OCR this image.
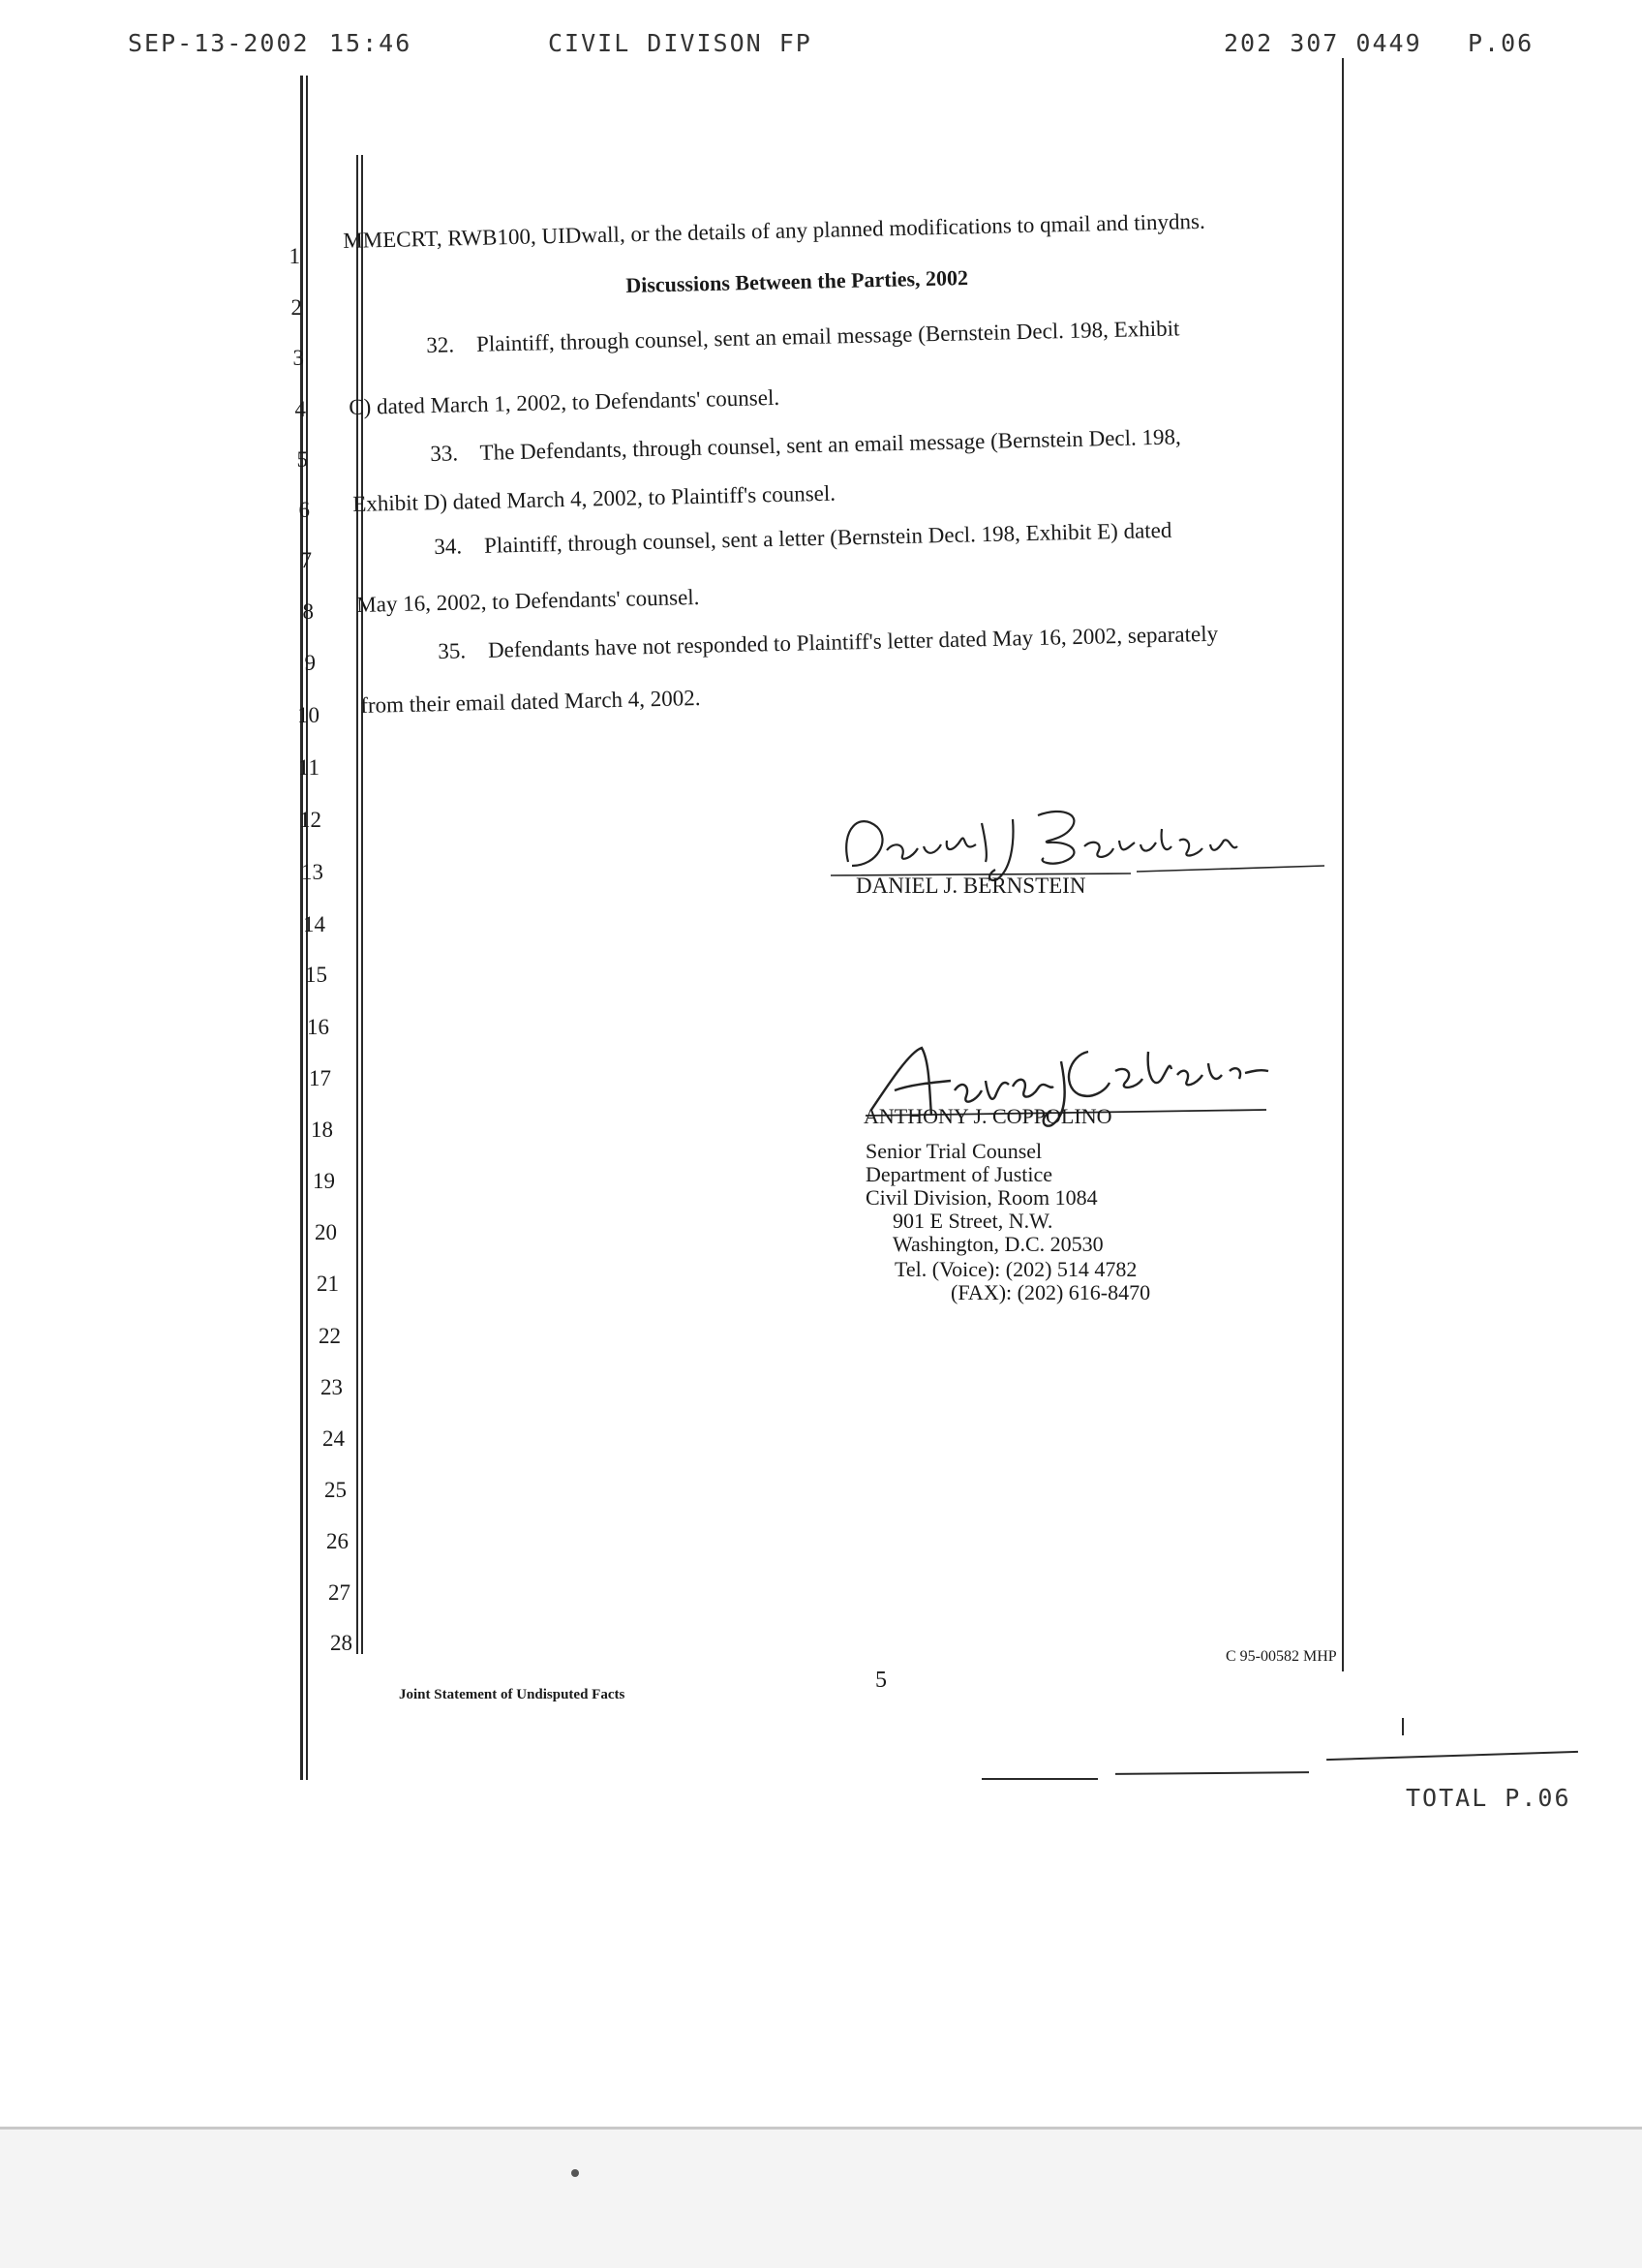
SEP-13-2002 15:46	CIVIL DIVISON FP	202 307 0449 P.06
1
2
3
4
5
6
7
8
9
10
11
12
13
14
15
16
17
18
19
20
21
22
23
24
25
26
27
28
MMECRT, RWB100, UIDwall, or the details of any planned modifications to qmail and tinydns.
Discussions Between the Parties, 2002
32.    Plaintiff, through counsel, sent an email message (Bernstein Decl. 198, Exhibit
C) dated March 1, 2002, to Defendants' counsel.
33.    The Defendants, through counsel, sent an email message (Bernstein Decl. 198,
Exhibit D) dated March 4, 2002, to Plaintiff's counsel.
34.    Plaintiff, through counsel, sent a letter (Bernstein Decl. 198, Exhibit E) dated
May 16, 2002, to Defendants' counsel.
35.    Defendants have not responded to Plaintiff's letter dated May 16, 2002, separately
from their email dated March 4, 2002.
DANIEL J. BERNSTEIN
ANTHONY J. COPPOLINO
Senior Trial Counsel
Department of Justice
Civil Division, Room 1084
901 E Street, N.W.
Washington, D.C. 20530
Tel. (Voice): (202) 514 4782
(FAX): (202) 616-8470
Joint Statement of Undisputed Facts
5
C 95-00582 MHP
TOTAL P.06
